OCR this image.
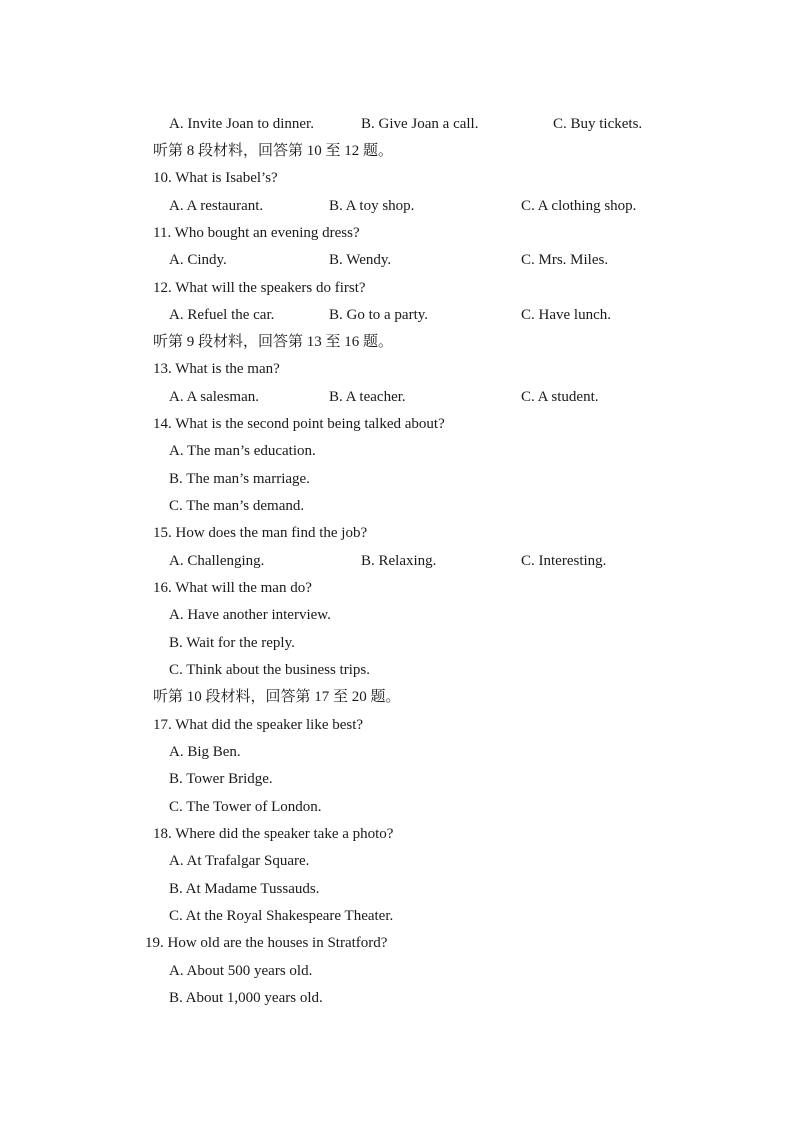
A. Invite Joan to dinner.	B. Give Joan a call.	C. Buy tickets.
听第 8 段材料，回答第 10 至 12 题。
10. What is Isabel’s?
A. A restaurant.	B. A toy shop.	C. A clothing shop.
11. Who bought an evening dress?
A. Cindy.	B. Wendy.	C. Mrs. Miles.
12. What will the speakers do first?
A. Refuel the car.	B. Go to a party.	C. Have lunch.
听第 9 段材料，回答第 13 至 16 题。
13. What is the man?
A. A salesman.	B. A teacher.	C. A student.
14. What is the second point being talked about?
A. The man’s education.
B. The man’s marriage.
C. The man’s demand.
15. How does the man find the job?
A. Challenging.	B. Relaxing.	C. Interesting.
16. What will the man do?
A. Have another interview.
B. Wait for the reply.
C. Think about the business trips.
听第 10 段材料，回答第 17 至 20 题。
17. What did the speaker like best?
A. Big Ben.
B. Tower Bridge.
C. The Tower of London.
18. Where did the speaker take a photo?
A. At Trafalgar Square.
B. At Madame Tussauds.
C. At the Royal Shakespeare Theater.
19. How old are the houses in Stratford?
A. About 500 years old.
B. About 1,000 years old.
